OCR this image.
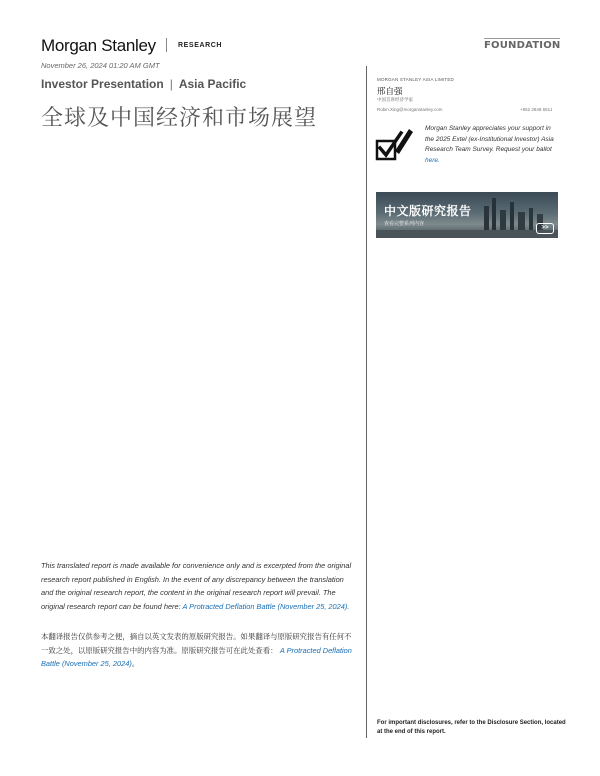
Morgan Stanley	RESEARCH	FOUNDATION
November 26, 2024 01:20 AM GMT
Investor Presentation | Asia Pacific
全球及中国经济和市场展望
MORGAN STANLEY ASIA LIMITED
邢自强
中国首席经济学家
Robin.Xing@morganstanley.com	+852 2848 6511
Morgan Stanley appreciates your support in the 2025 Extel (ex-Institutional Investor) Asia Research Team Survey. Request your ballot here.
中文版研究报告
查看完整系列内容
>>
This translated report is made available for convenience only and is excerpted from the original research report published in English. In the event of any discrepancy between the translation and the original research report, the content in the original research report will prevail. The original research report can be found here: A Protracted Deflation Battle (November 25, 2024).
本翻译报告仅供参考之便，摘自以英文发表的原版研究报告。如果翻译与原版研究报告有任何不一致之处，以原版研究报告中的内容为准。原版研究报告可在此处查看： A Protracted Deflation Battle (November 25, 2024)。
For important disclosures, refer to the Disclosure Section, located at the end of this report.
